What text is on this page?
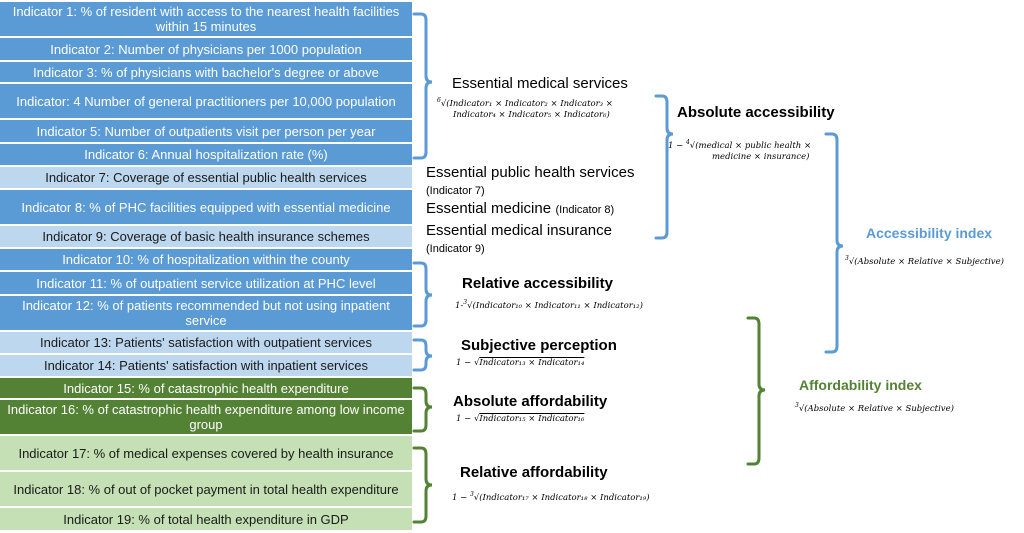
Indicator 1: % of resident with access to the nearest health facilities within 15 minutes
Indicator 2: Number of physicians per 1000 population
Indicator 3: % of physicians with bachelor's degree or above
Indicator: 4 Number of general practitioners per 10,000 population
Indicator 5: Number of outpatients visit per person per year
Indicator 6: Annual hospitalization rate (%)
Indicator 7: Coverage of essential public health services
Indicator 8: % of PHC facilities equipped with essential medicine
Indicator 9: Coverage of basic health insurance schemes
Indicator 10: % of hospitalization within the county
Indicator 11: % of outpatient service utilization at PHC level
Indicator 12: % of patients recommended but not using inpatient service
Indicator 13: Patients' satisfaction with outpatient services
Indicator 14: Patients' satisfaction with inpatient services
Indicator 15: % of catastrophic health expenditure
Indicator 16: % of catastrophic health expenditure among low income group
Indicator 17: % of medical expenses covered by health insurance
Indicator 18: % of out of pocket payment in total health expenditure
Indicator 19: % of total health expenditure in GDP
Essential medical services
$^6$√(Indicator₁ × Indicator₂ × Indicator₃ ×
Indicator₄ × Indicator₅ × Indicator₆)	Absolute accessibility
1 − $^4$√(medical × public health ×
medicine × insurance)
Essential public health services
(Indicator 7)
Essential medicine (Indicator 8)
Essential medical insurance
(Indicator 9)
Relative accessibility
1-$^3$√(Indicator₁₀ × Indicator₁₁ × Indicator₁₂)
Subjective perception
1 − √Indicator₁₃ × Indicator₁₄
Absolute affordability
1 − √Indicator₁₅ × Indicator₁₆
Relative affordability
1 − $^3$√(Indicator₁₇ × Indicator₁₈ × Indicator₁₉)
Accessibility index
$^3$√(Absolute × Relative × Subjective)
Affordability index
$^3$√(Absolute × Relative × Subjective)
